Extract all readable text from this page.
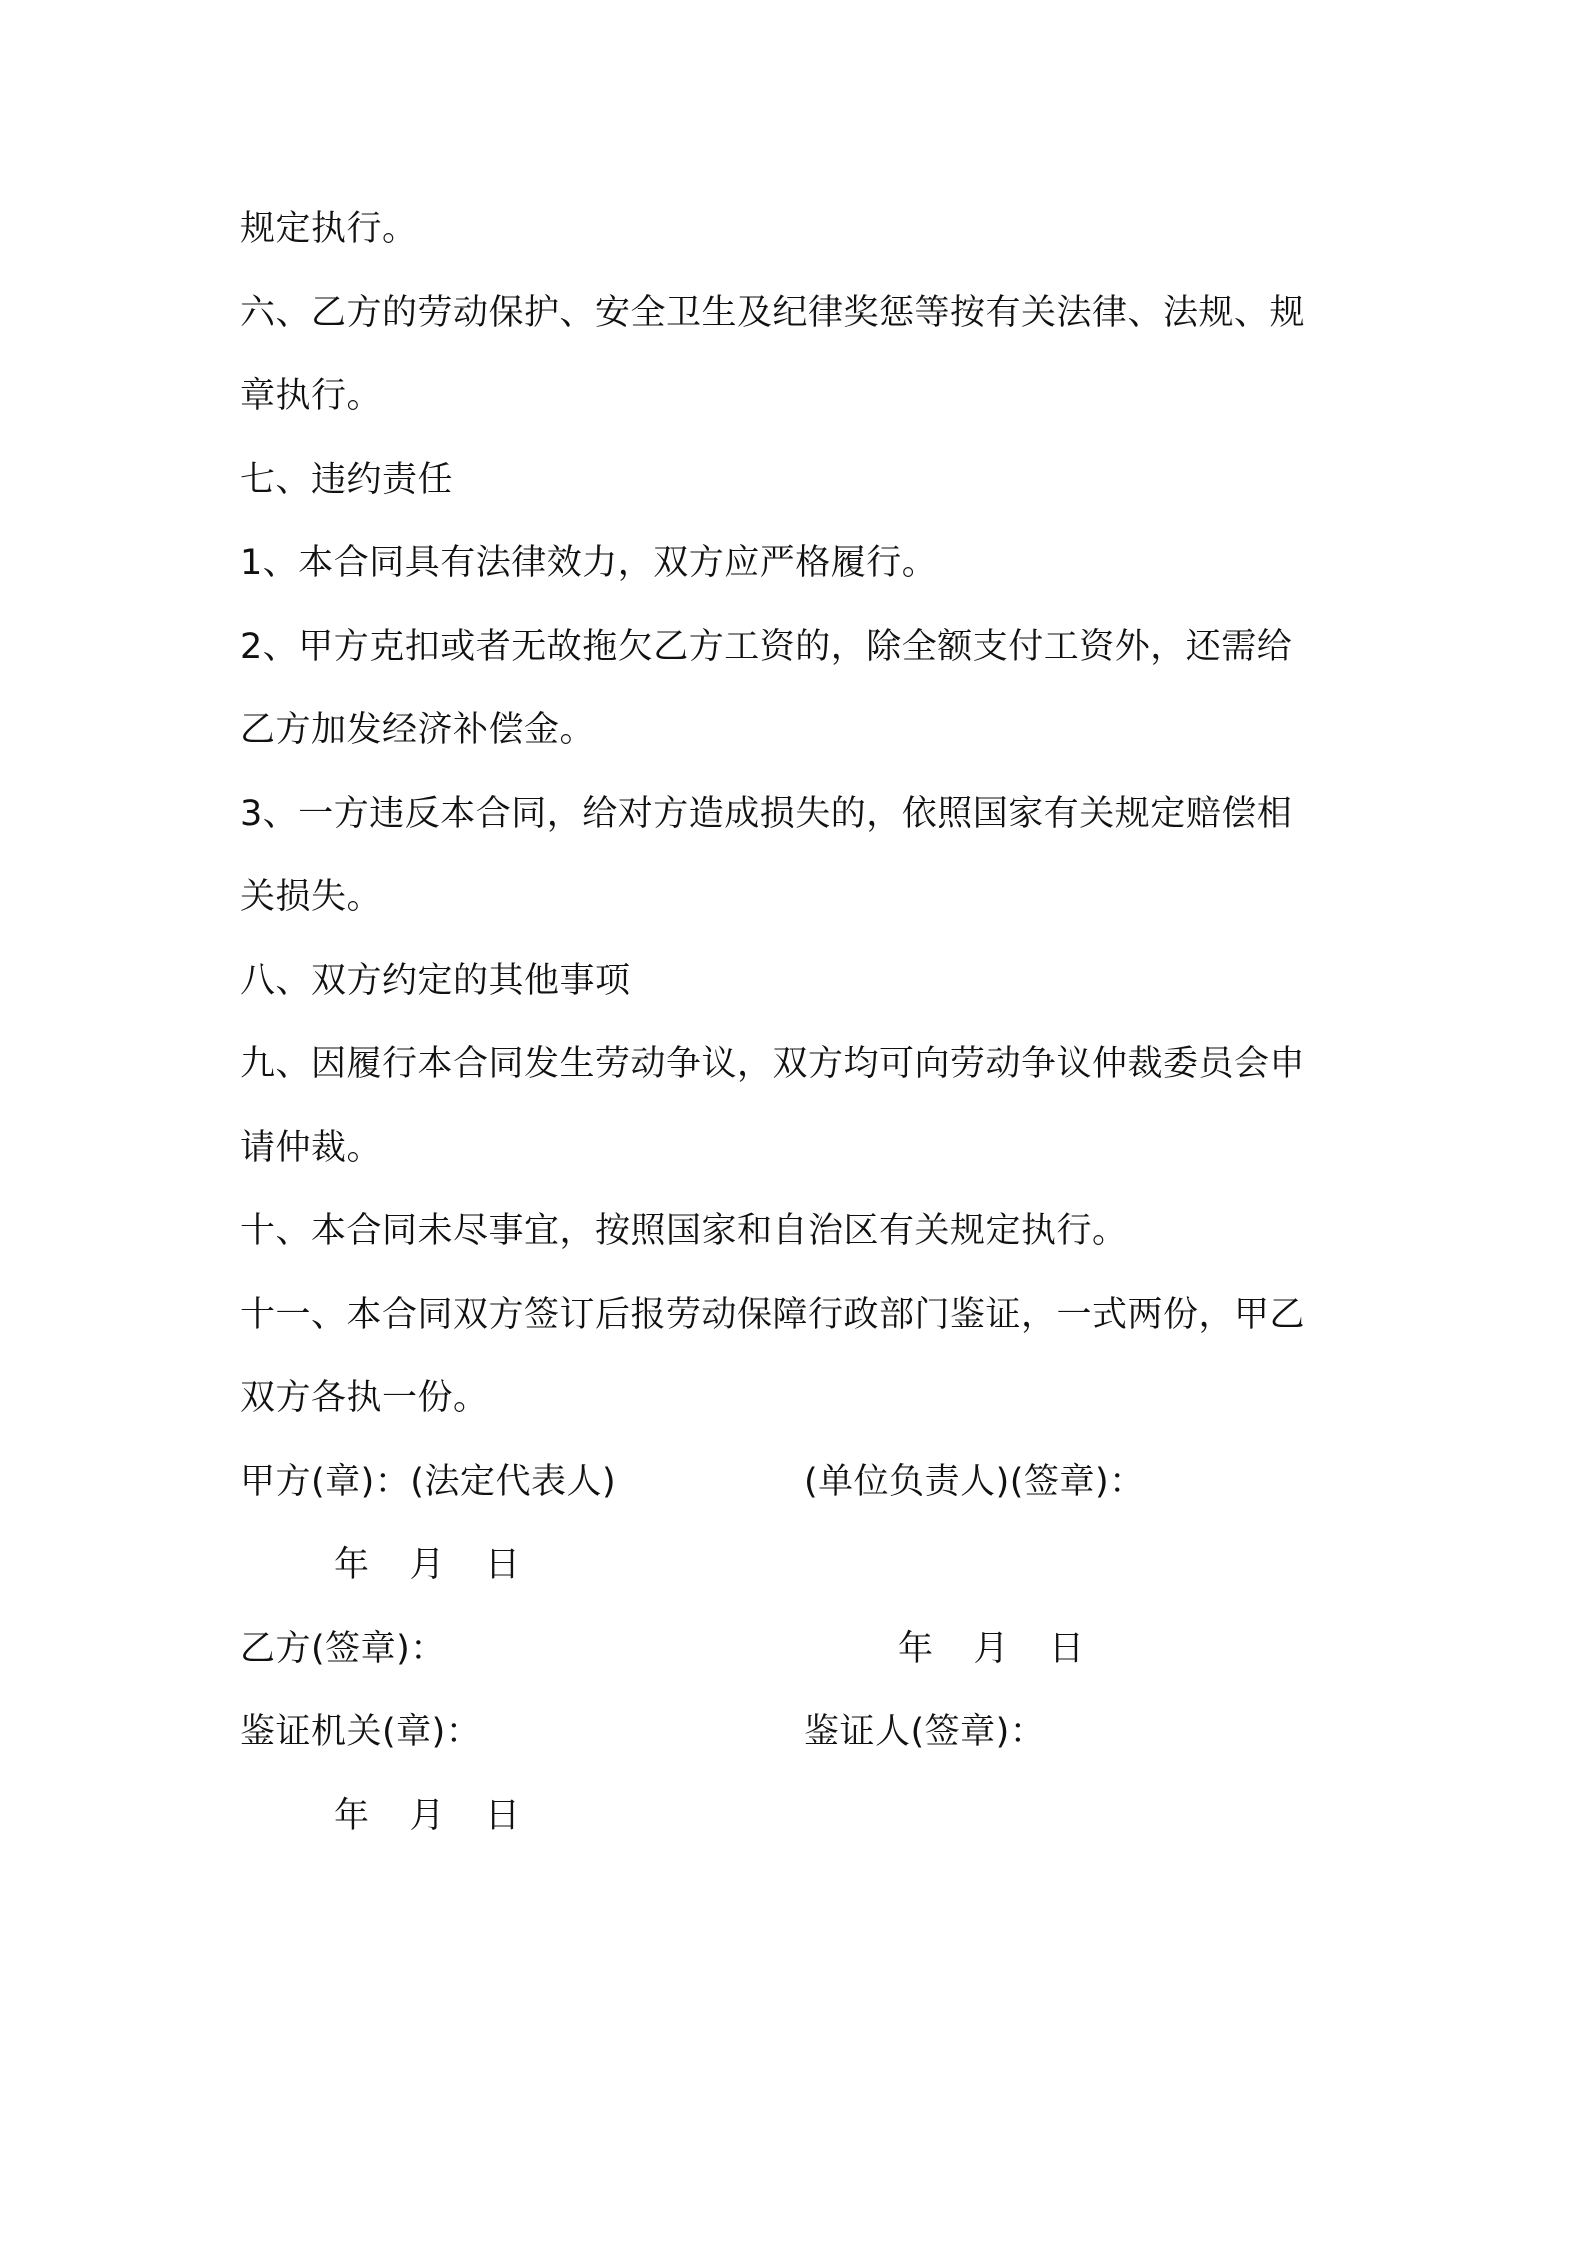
规定执行。
六、乙方的劳动保护、安全卫生及纪律奖惩等按有关法律、法规、规
章执行。
七、违约责任
1、本合同具有法律效力，双方应严格履行。
2、甲方克扣或者无故拖欠乙方工资的，除全额支付工资外，还需给
乙方加发经济补偿金。
3、一方违反本合同，给对方造成损失的，依照国家有关规定赔偿相
关损失。
八、双方约定的其他事项
九、因履行本合同发生劳动争议，双方均可向劳动争议仲裁委员会申
请仲裁。
十、本合同未尽事宜，按照国家和自治区有关规定执行。
十一、本合同双方签订后报劳动保障行政部门鉴证，一式两份，甲乙
双方各执一份。
甲方(章)：(法定代表人)	(单位负责人)(签章)：
年 月 日
乙方(签章)：	年 月 日
鉴证机关(章)：	鉴证人(签章)：
年 月 日
